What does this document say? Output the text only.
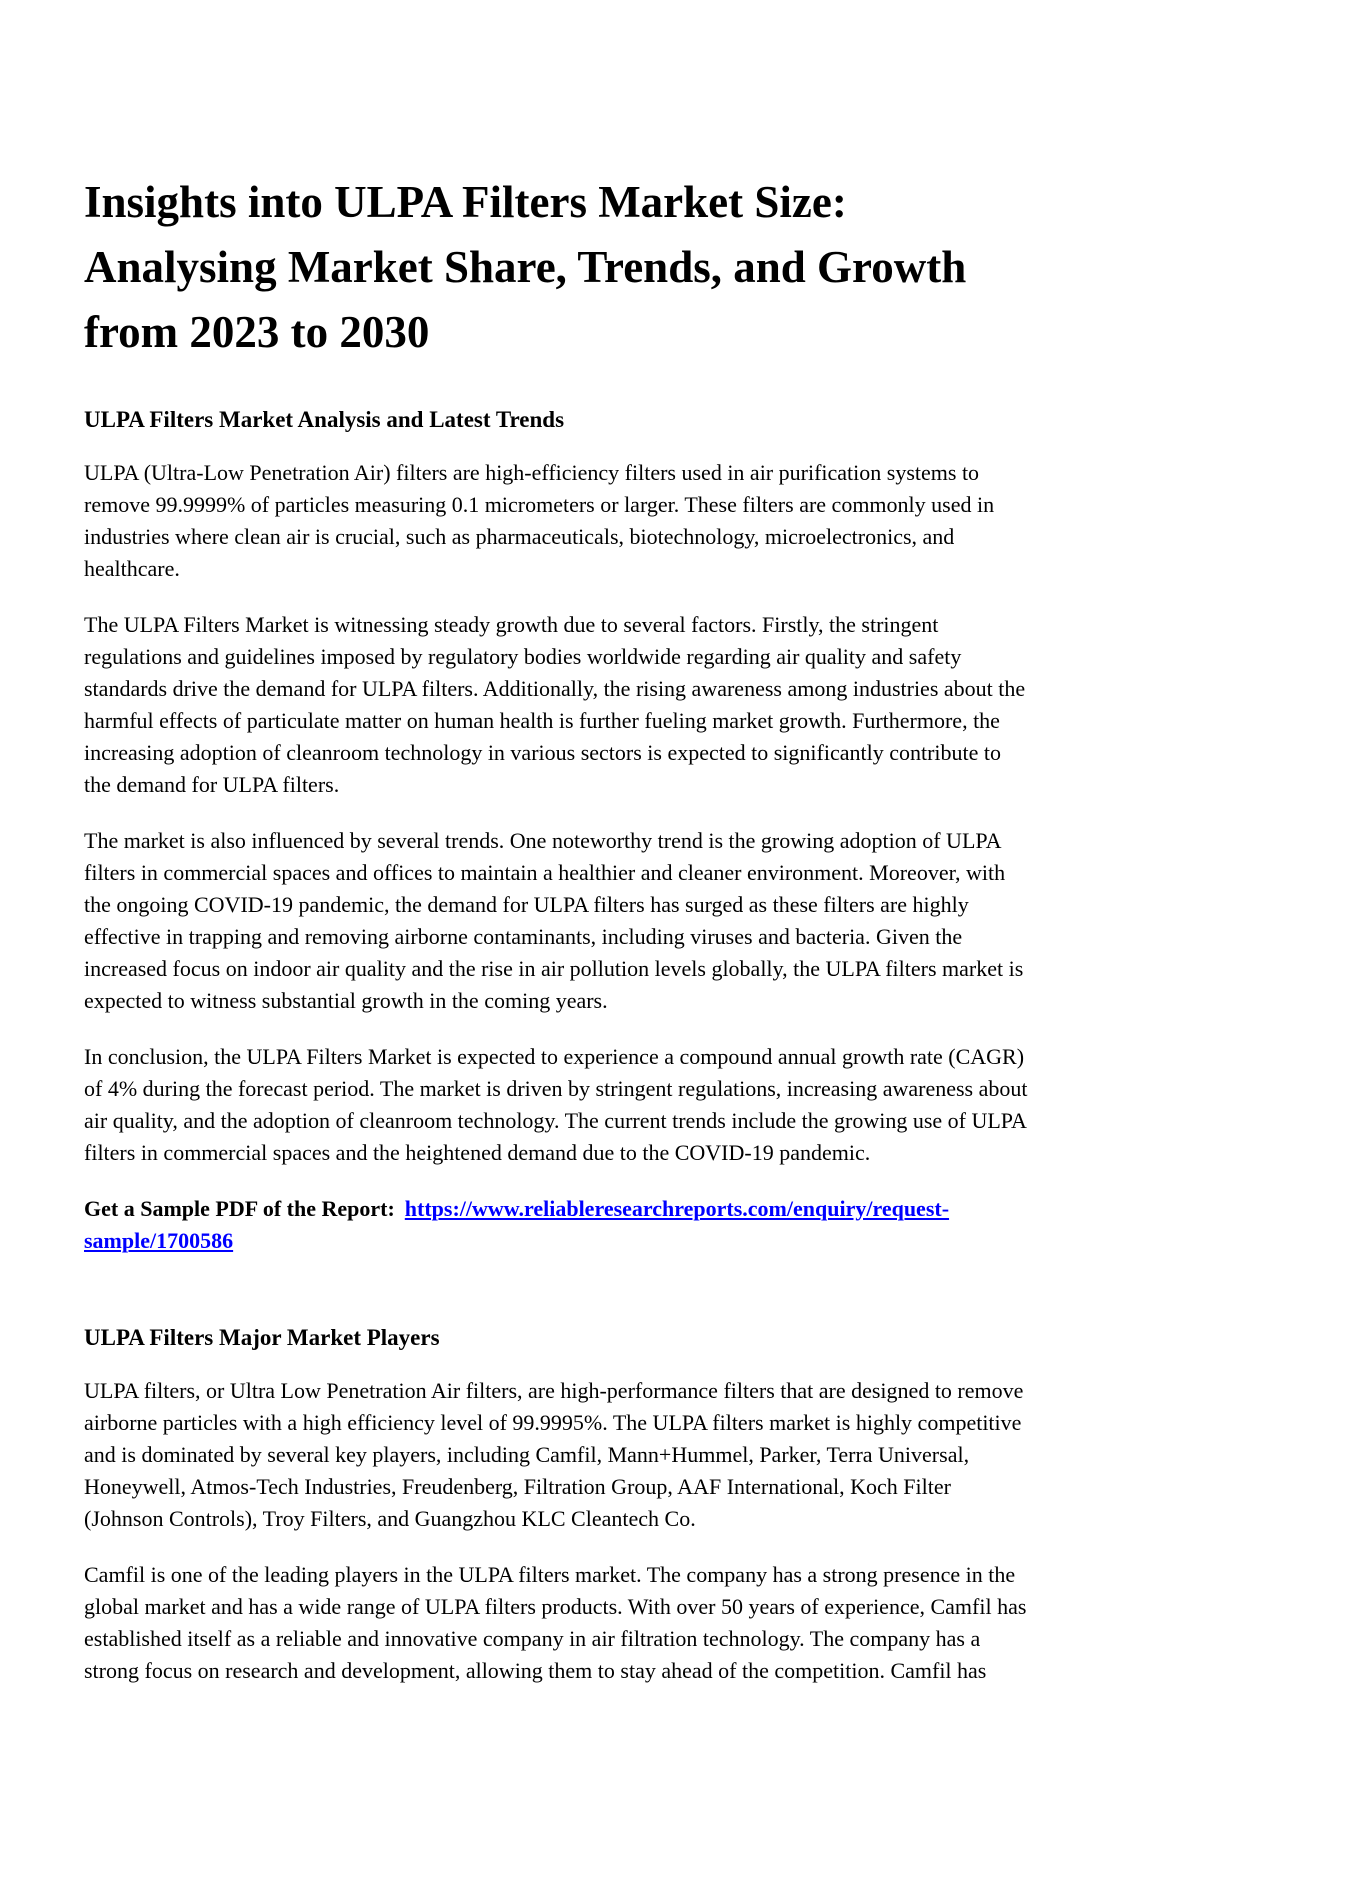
Insights into ULPA Filters Market Size: Analysing Market Share, Trends, and Growth from 2023 to 2030
ULPA Filters Market Analysis and Latest Trends

ULPA (Ultra-Low Penetration Air) filters are high-efficiency filters used in air purification systems to remove 99.9999% of particles measuring 0.1 micrometers or larger. These filters are commonly used in industries where clean air is crucial, such as pharmaceuticals, biotechnology, microelectronics, and healthcare.

The ULPA Filters Market is witnessing steady growth due to several factors. Firstly, the stringent regulations and guidelines imposed by regulatory bodies worldwide regarding air quality and safety standards drive the demand for ULPA filters. Additionally, the rising awareness among industries about the harmful effects of particulate matter on human health is further fueling market growth. Furthermore, the increasing adoption of cleanroom technology in various sectors is expected to significantly contribute to the demand for ULPA filters.

The market is also influenced by several trends. One noteworthy trend is the growing adoption of ULPA filters in commercial spaces and offices to maintain a healthier and cleaner environment. Moreover, with the ongoing COVID-19 pandemic, the demand for ULPA filters has surged as these filters are highly effective in trapping and removing airborne contaminants, including viruses and bacteria. Given the increased focus on indoor air quality and the rise in air pollution levels globally, the ULPA filters market is expected to witness substantial growth in the coming years.

In conclusion, the ULPA Filters Market is expected to experience a compound annual growth rate (CAGR) of 4% during the forecast period. The market is driven by stringent regulations, increasing awareness about air quality, and the adoption of cleanroom technology. The current trends include the growing use of ULPA filters in commercial spaces and the heightened demand due to the COVID-19 pandemic.

Get a Sample PDF of the Report: https://www.reliableresearchreports.com/enquiry/request-sample/1700586

ULPA Filters Major Market Players

ULPA filters, or Ultra Low Penetration Air filters, are high-performance filters that are designed to remove airborne particles with a high efficiency level of 99.9995%. The ULPA filters market is highly competitive and is dominated by several key players, including Camfil, Mann+Hummel, Parker, Terra Universal, Honeywell, Atmos-Tech Industries, Freudenberg, Filtration Group, AAF International, Koch Filter (Johnson Controls), Troy Filters, and Guangzhou KLC Cleantech Co.

Camfil is one of the leading players in the ULPA filters market. The company has a strong presence in the global market and has a wide range of ULPA filters products. With over 50 years of experience, Camfil has established itself as a reliable and innovative company in air filtration technology. The company has a strong focus on research and development, allowing them to stay ahead of the competition. Camfil has
